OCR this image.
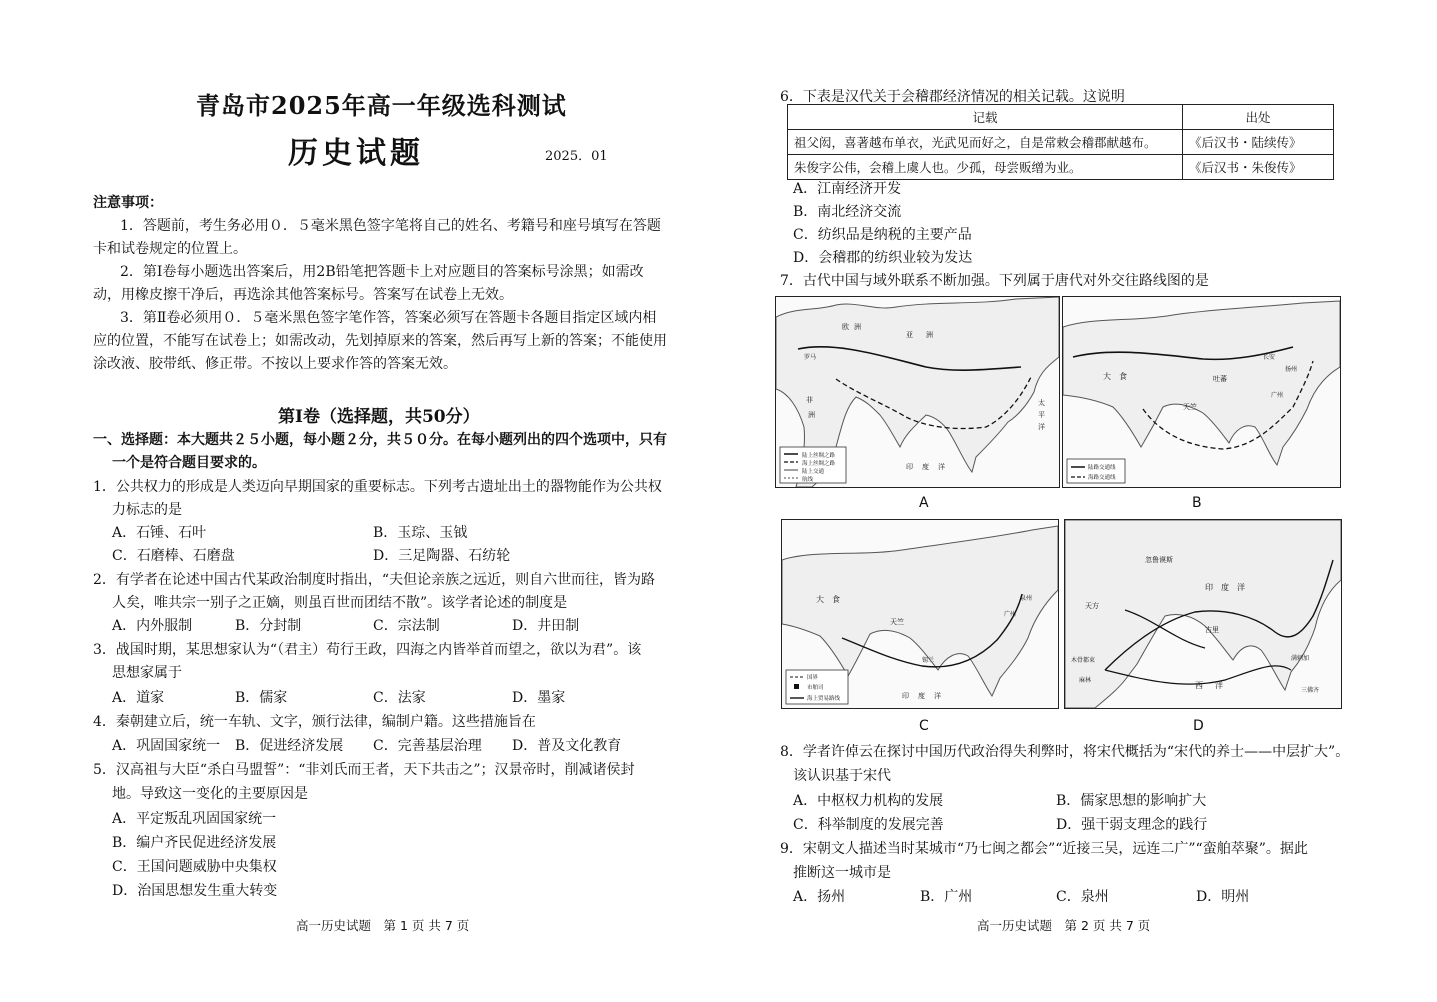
青岛市2025年高一年级选科测试
历史试题	2025．01
注意事项：
1．答题前，考生务必用０．５毫米黑色签字笔将自己的姓名、考籍号和座号填写在答题
卡和试卷规定的位置上。
2．第Ⅰ卷每小题选出答案后，用2B铅笔把答题卡上对应题目的答案标号涂黑；如需改
动，用橡皮擦干净后，再选涂其他答案标号。答案写在试卷上无效。
3．第Ⅱ卷必须用０．５毫米黑色签字笔作答，答案必须写在答题卡各题目指定区域内相
应的位置，不能写在试卷上；如需改动，先划掉原来的答案，然后再写上新的答案；不能使用
涂改液、胶带纸、修正带。不按以上要求作答的答案无效。
第Ⅰ卷（选择题，共50分）
一、选择题：本大题共２５小题，每小题２分，共５０分。在每小题列出的四个选项中，只有
一个是符合题目要求的。
1．公共权力的形成是人类迈向早期国家的重要标志。下列考古遗址出土的器物能作为公共权
力标志的是
A．石锤、石叶	B．玉琮、玉钺
C．石磨棒、石磨盘	D．三足陶器、石纺轮
2．有学者在论述中国古代某政治制度时指出，“夫但论亲族之远近，则自六世而往，皆为路
人矣，唯共宗一别子之正嫡，则虽百世而团结不散”。该学者论述的制度是
A．内外服制	B．分封制	C．宗法制	D．井田制
3．战国时期，某思想家认为“（君主）苟行王政，四海之内皆举首而望之，欲以为君”。该
思想家属于
A．道家	B．儒家	C．法家	D．墨家
4．秦朝建立后，统一车轨、文字，颁行法律，编制户籍。这些措施旨在
A．巩固国家统一 B．促进经济发展 C．完善基层治理 D．普及文化教育
5．汉高祖与大臣“杀白马盟誓”：“非刘氏而王者，天下共击之”；汉景帝时，削减诸侯封
地。导致这一变化的主要原因是
A．平定叛乱巩固国家统一
B．编户齐民促进经济发展
C．王国问题威胁中央集权
D．治国思想发生重大转变
高一历史试题　第 1 页 共 7 页
6．下表是汉代关于会稽郡经济情况的相关记载。这说明
记载	出处
祖父闳，喜著越布单衣，光武见而好之，自是常敕会稽郡献越布。	《后汉书・陆续传》
朱俊字公伟，会稽上虞人也。少孤，母尝贩缯为业。	《后汉书・朱俊传》
A．江南经济开发
B．南北经济交流
C．纺织品是纳税的主要产品
D．会稽郡的纺织业较为发达
7．古代中国与域外联系不断加强。下列属于唐代对外交往路线图的是
陆上丝绸之路
海上丝绸之路
陆上交通
航线
欧 洲
罗马
亚 洲
非
洲
印 度 洋
太
平
洋
A
陆路交通线
海路交通线
大 食
天竺
吐蕃
长安
扬州
广州
B
国界
市舶司
海上贸易路线
大 食
天竺
广州
泉州
锡兰
印 度 洋
C
忽鲁谟斯
天方
古里
满剌加
印 度 洋
木骨都束
麻林
西 洋
三佛齐
D
8．学者许倬云在探讨中国历代政治得失利弊时，将宋代概括为“宋代的养士——中层扩大”。
该认识基于宋代
A．中枢权力机构的发展	B．儒家思想的影响扩大
C．科举制度的发展完善	D．强干弱支理念的践行
9．宋朝文人描述当时某城市“乃七闽之都会”“近接三吴，远连二广”“蛮舶萃聚”。据此
推断这一城市是
A．扬州	B．广州	C．泉州	D．明州
高一历史试题　第 2 页 共 7 页
